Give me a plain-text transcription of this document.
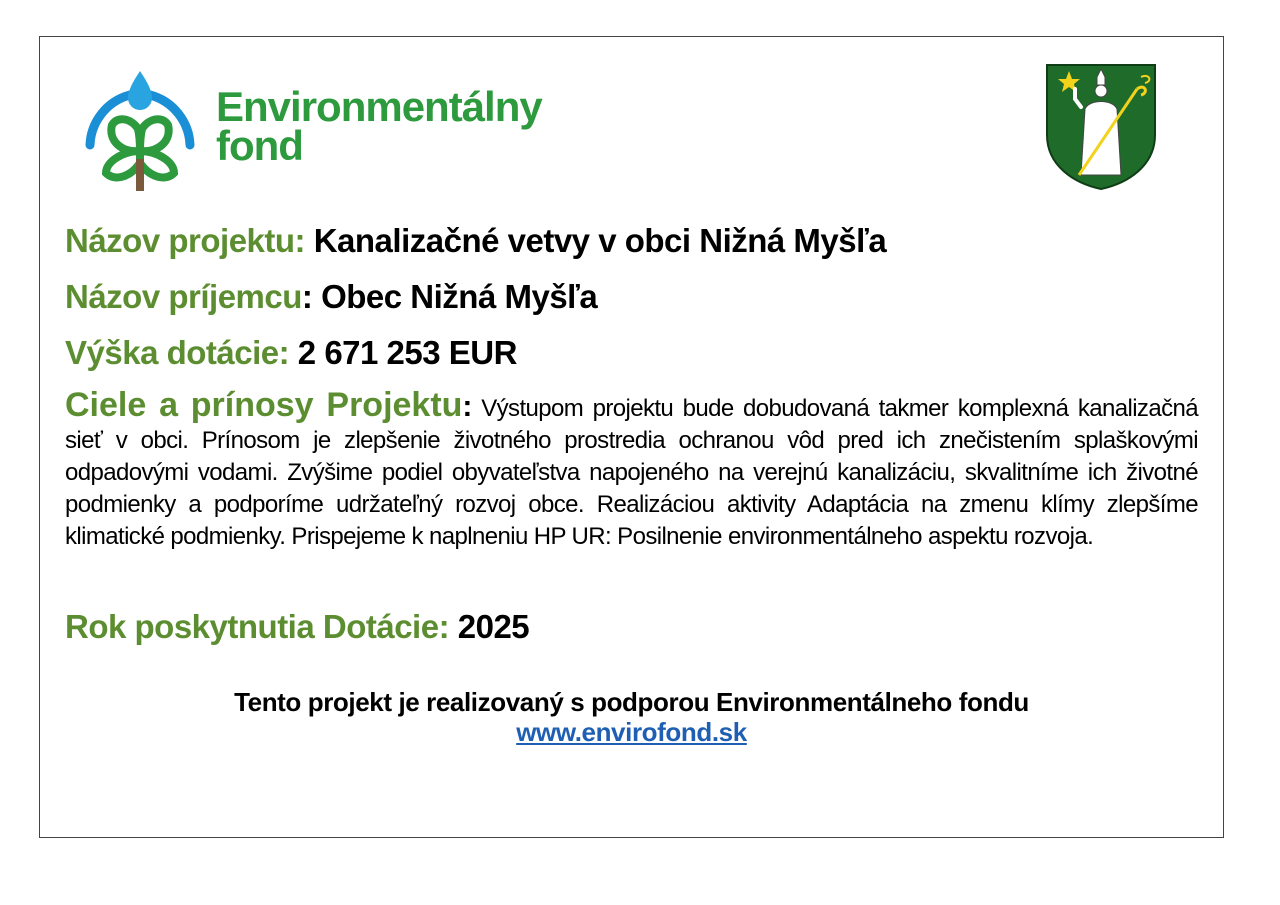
Environmentálny
fond
Názov projektu: Kanalizačné vetvy v obci Nižná Myšľa
Názov príjemcu: Obec Nižná Myšľa
Výška dotácie: 2 671 253 EUR
Ciele a prínosy Projektu: Výstupom projektu bude dobudovaná takmer komplexná kanalizačná sieť v obci. Prínosom je zlepšenie životného prostredia ochranou vôd pred ich znečistením splaškovými odpadovými vodami. Zvýšime podiel obyvateľstva napojeného na verejnú kanalizáciu, skvalitníme ich životné podmienky a podporíme udržateľný rozvoj obce. Realizáciou aktivity Adaptácia na zmenu klímy zlepšíme klimatické podmienky. Prispejeme k naplneniu HP UR: Posilnenie environmentálneho aspektu rozvoja.
Rok poskytnutia Dotácie: 2025
Tento projekt je realizovaný s podporou Environmentálneho fondu
www.envirofond.sk
